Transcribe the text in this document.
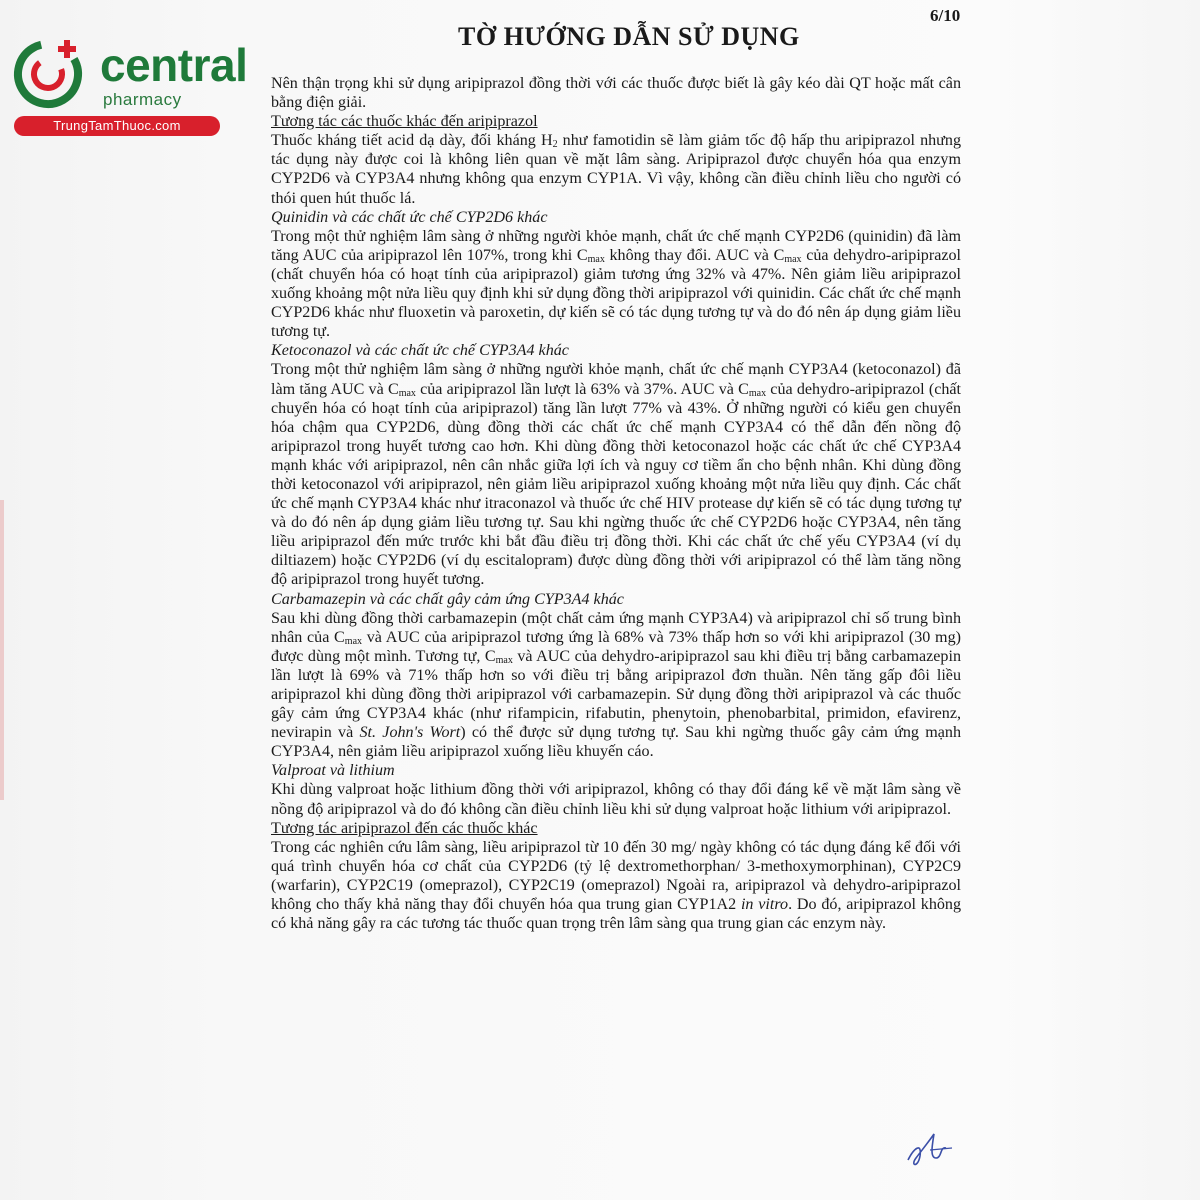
central
pharmacy
TrungTamThuoc.com
6/10
TỜ HƯỚNG DẪN SỬ DỤNG

Nên thận trọng khi sử dụng aripiprazol đồng thời với các thuốc được biết là gây kéo dài QT hoặc mất cân bằng điện giải.

Tương tác các thuốc khác đến aripiprazol

Thuốc kháng tiết acid dạ dày, đối kháng $H_2$ như famotidin sẽ làm giảm tốc độ hấp thu aripiprazol nhưng tác dụng này được coi là không liên quan về mặt lâm sàng. Aripiprazol được chuyển hóa qua enzym CYP2D6 và CYP3A4 nhưng không qua enzym CYP1A. Vì vậy, không cần điều chỉnh liều cho người có thói quen hút thuốc lá.

Quinidin và các chất ức chế CYP2D6 khác

Trong một thử nghiệm lâm sàng ở những người khỏe mạnh, chất ức chế mạnh CYP2D6 (quinidin) đã làm tăng AUC của aripiprazol lên 107%, trong khi $C_{max}$ không thay đổi. AUC và $C_{max}$ của dehydro-aripiprazol (chất chuyển hóa có hoạt tính của aripiprazol) giảm tương ứng 32% và 47%. Nên giảm liều aripiprazol xuống khoảng một nửa liều quy định khi sử dụng đồng thời aripiprazol với quinidin. Các chất ức chế mạnh CYP2D6 khác như fluoxetin và paroxetin, dự kiến sẽ có tác dụng tương tự và do đó nên áp dụng giảm liều tương tự.

Ketoconazol và các chất ức chế CYP3A4 khác

Trong một thử nghiệm lâm sàng ở những người khỏe mạnh, chất ức chế mạnh CYP3A4 (ketoconazol) đã làm tăng AUC và $C_{max}$ của aripiprazol lần lượt là 63% và 37%. AUC và $C_{max}$ của dehydro-aripiprazol (chất chuyển hóa có hoạt tính của aripiprazol) tăng lần lượt 77% và 43%. Ở những người có kiểu gen chuyển hóa chậm qua CYP2D6, dùng đồng thời các chất ức chế mạnh CYP3A4 có thể dẫn đến nồng độ aripiprazol trong huyết tương cao hơn. Khi dùng đồng thời ketoconazol hoặc các chất ức chế CYP3A4 mạnh khác với aripiprazol, nên cân nhắc giữa lợi ích và nguy cơ tiềm ẩn cho bệnh nhân. Khi dùng đồng thời ketoconazol với aripiprazol, nên giảm liều aripiprazol xuống khoảng một nửa liều quy định. Các chất ức chế mạnh CYP3A4 khác như itraconazol và thuốc ức chế HIV protease dự kiến sẽ có tác dụng tương tự và do đó nên áp dụng giảm liều tương tự. Sau khi ngừng thuốc ức chế CYP2D6 hoặc CYP3A4, nên tăng liều aripiprazol đến mức trước khi bắt đầu điều trị đồng thời. Khi các chất ức chế yếu CYP3A4 (ví dụ diltiazem) hoặc CYP2D6 (ví dụ escitalopram) được dùng đồng thời với aripiprazol có thể làm tăng nồng độ aripiprazol trong huyết tương.

Carbamazepin và các chất gây cảm ứng CYP3A4 khác

Sau khi dùng đồng thời carbamazepin (một chất cảm ứng mạnh CYP3A4) và aripiprazol chỉ số trung bình nhân của $C_{max}$ và AUC của aripiprazol tương ứng là 68% và 73% thấp hơn so với khi aripiprazol (30 mg) được dùng một mình. Tương tự, $C_{max}$ và AUC của dehydro-aripiprazol sau khi điều trị bằng carbamazepin lần lượt là 69% và 71% thấp hơn so với điều trị bằng aripiprazol đơn thuần. Nên tăng gấp đôi liều aripiprazol khi dùng đồng thời aripiprazol với carbamazepin. Sử dụng đồng thời aripiprazol và các thuốc gây cảm ứng CYP3A4 khác (như rifampicin, rifabutin, phenytoin, phenobarbital, primidon, efavirenz, nevirapin và St. John's Wort) có thể được sử dụng tương tự. Sau khi ngừng thuốc gây cảm ứng mạnh CYP3A4, nên giảm liều aripiprazol xuống liều khuyến cáo.

Valproat và lithium

Khi dùng valproat hoặc lithium đồng thời với aripiprazol, không có thay đổi đáng kể về mặt lâm sàng về nồng độ aripiprazol và do đó không cần điều chỉnh liều khi sử dụng valproat hoặc lithium với aripiprazol.

Tương tác aripiprazol đến các thuốc khác

Trong các nghiên cứu lâm sàng, liều aripiprazol từ 10 đến 30 mg/ ngày không có tác dụng đáng kể đối với quá trình chuyển hóa cơ chất của CYP2D6 (tỷ lệ dextromethorphan/ 3-methoxymorphinan), CYP2C9 (warfarin), CYP2C19 (omeprazol), CYP2C19 (omeprazol) Ngoài ra, aripiprazol và dehydro-aripiprazol không cho thấy khả năng thay đổi chuyển hóa qua trung gian CYP1A2 in vitro. Do đó, aripiprazol không có khả năng gây ra các tương tác thuốc quan trọng trên lâm sàng qua trung gian các enzym này.
